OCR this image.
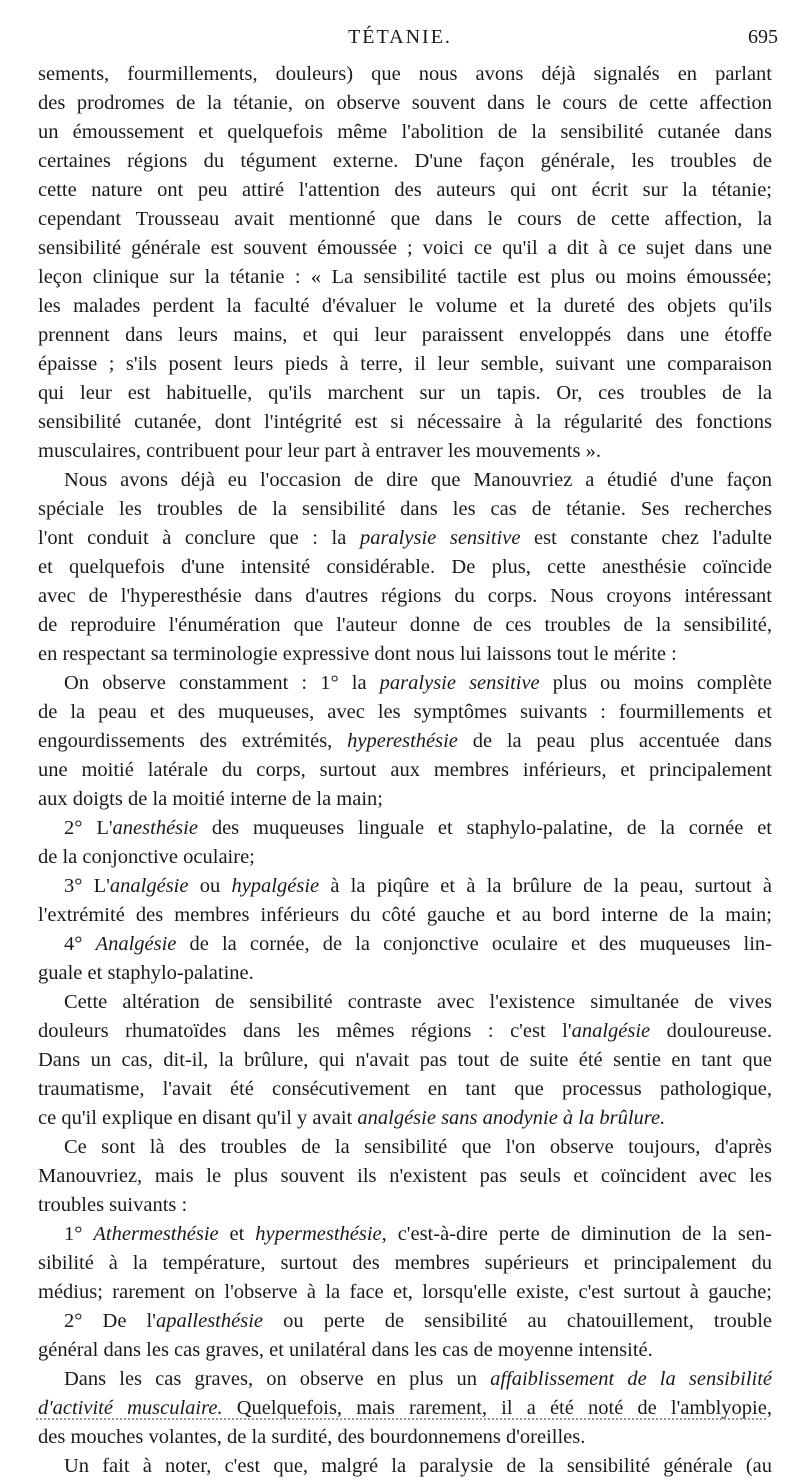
TÉTANIE.	695
sements, fourmillements, douleurs) que nous avons déjà signalés en parlant
des prodromes de la tétanie, on observe souvent dans le cours de cette affection
un émoussement et quelquefois même l'abolition de la sensibilité cutanée dans
certaines régions du tégument externe. D'une façon générale, les troubles de
cette nature ont peu attiré l'attention des auteurs qui ont écrit sur la tétanie;
cependant Trousseau avait mentionné que dans le cours de cette affection, la
sensibilité générale est souvent émoussée ; voici ce qu'il a dit à ce sujet dans une
leçon clinique sur la tétanie : « La sensibilité tactile est plus ou moins émoussée;
les malades perdent la faculté d'évaluer le volume et la dureté des objets qu'ils
prennent dans leurs mains, et qui leur paraissent enveloppés dans une étoffe
épaisse ; s'ils posent leurs pieds à terre, il leur semble, suivant une comparaison
qui leur est habituelle, qu'ils marchent sur un tapis. Or, ces troubles de la
sensibilité cutanée, dont l'intégrité est si nécessaire à la régularité des fonctions
musculaires, contribuent pour leur part à entraver les mouvements ».
Nous avons déjà eu l'occasion de dire que Manouvriez a étudié d'une façon
spéciale les troubles de la sensibilité dans les cas de tétanie. Ses recherches
l'ont conduit à conclure que : la paralysie sensitive est constante chez l'adulte
et quelquefois d'une intensité considérable. De plus, cette anesthésie coïncide
avec de l'hyperesthésie dans d'autres régions du corps. Nous croyons intéressant
de reproduire l'énumération que l'auteur donne de ces troubles de la sensibilité,
en respectant sa terminologie expressive dont nous lui laissons tout le mérite :
On observe constamment : 1° la paralysie sensitive plus ou moins complète
de la peau et des muqueuses, avec les symptômes suivants : fourmillements et
engourdissements des extrémités, hyperesthésie de la peau plus accentuée dans
une moitié latérale du corps, surtout aux membres inférieurs, et principalement
aux doigts de la moitié interne de la main;
2° L'anesthésie des muqueuses linguale et staphylo-palatine, de la cornée et
de la conjonctive oculaire;
3° L'analgésie ou hypalgésie à la piqûre et à la brûlure de la peau, surtout à
l'extrémité des membres inférieurs du côté gauche et au bord interne de la main;
4° Analgésie de la cornée, de la conjonctive oculaire et des muqueuses lin-
guale et staphylo-palatine.
Cette altération de sensibilité contraste avec l'existence simultanée de vives
douleurs rhumatoïdes dans les mêmes régions : c'est l'analgésie douloureuse.
Dans un cas, dit-il, la brûlure, qui n'avait pas tout de suite été sentie en tant que
traumatisme, l'avait été consécutivement en tant que processus pathologique,
ce qu'il explique en disant qu'il y avait analgésie sans anodynie à la brûlure.
Ce sont là des troubles de la sensibilité que l'on observe toujours, d'après
Manouvriez, mais le plus souvent ils n'existent pas seuls et coïncident avec les
troubles suivants :
1° Athermesthésie et hypermesthésie, c'est-à-dire perte de diminution de la sen-
sibilité à la température, surtout des membres supérieurs et principalement du
médius; rarement on l'observe à la face et, lorsqu'elle existe, c'est surtout à gauche;
2° De l'apallesthésie ou perte de sensibilité au chatouillement, trouble
général dans les cas graves, et unilatéral dans les cas de moyenne intensité.
Dans les cas graves, on observe en plus un affaiblissement de la sensibilité
d'activité musculaire. Quelquefois, mais rarement, il a été noté de l'amblyopie,
des mouches volantes, de la surdité, des bourdonnemens d'oreilles.
Un fait à noter, c'est que, malgré la paralysie de la sensibilité générale (au
